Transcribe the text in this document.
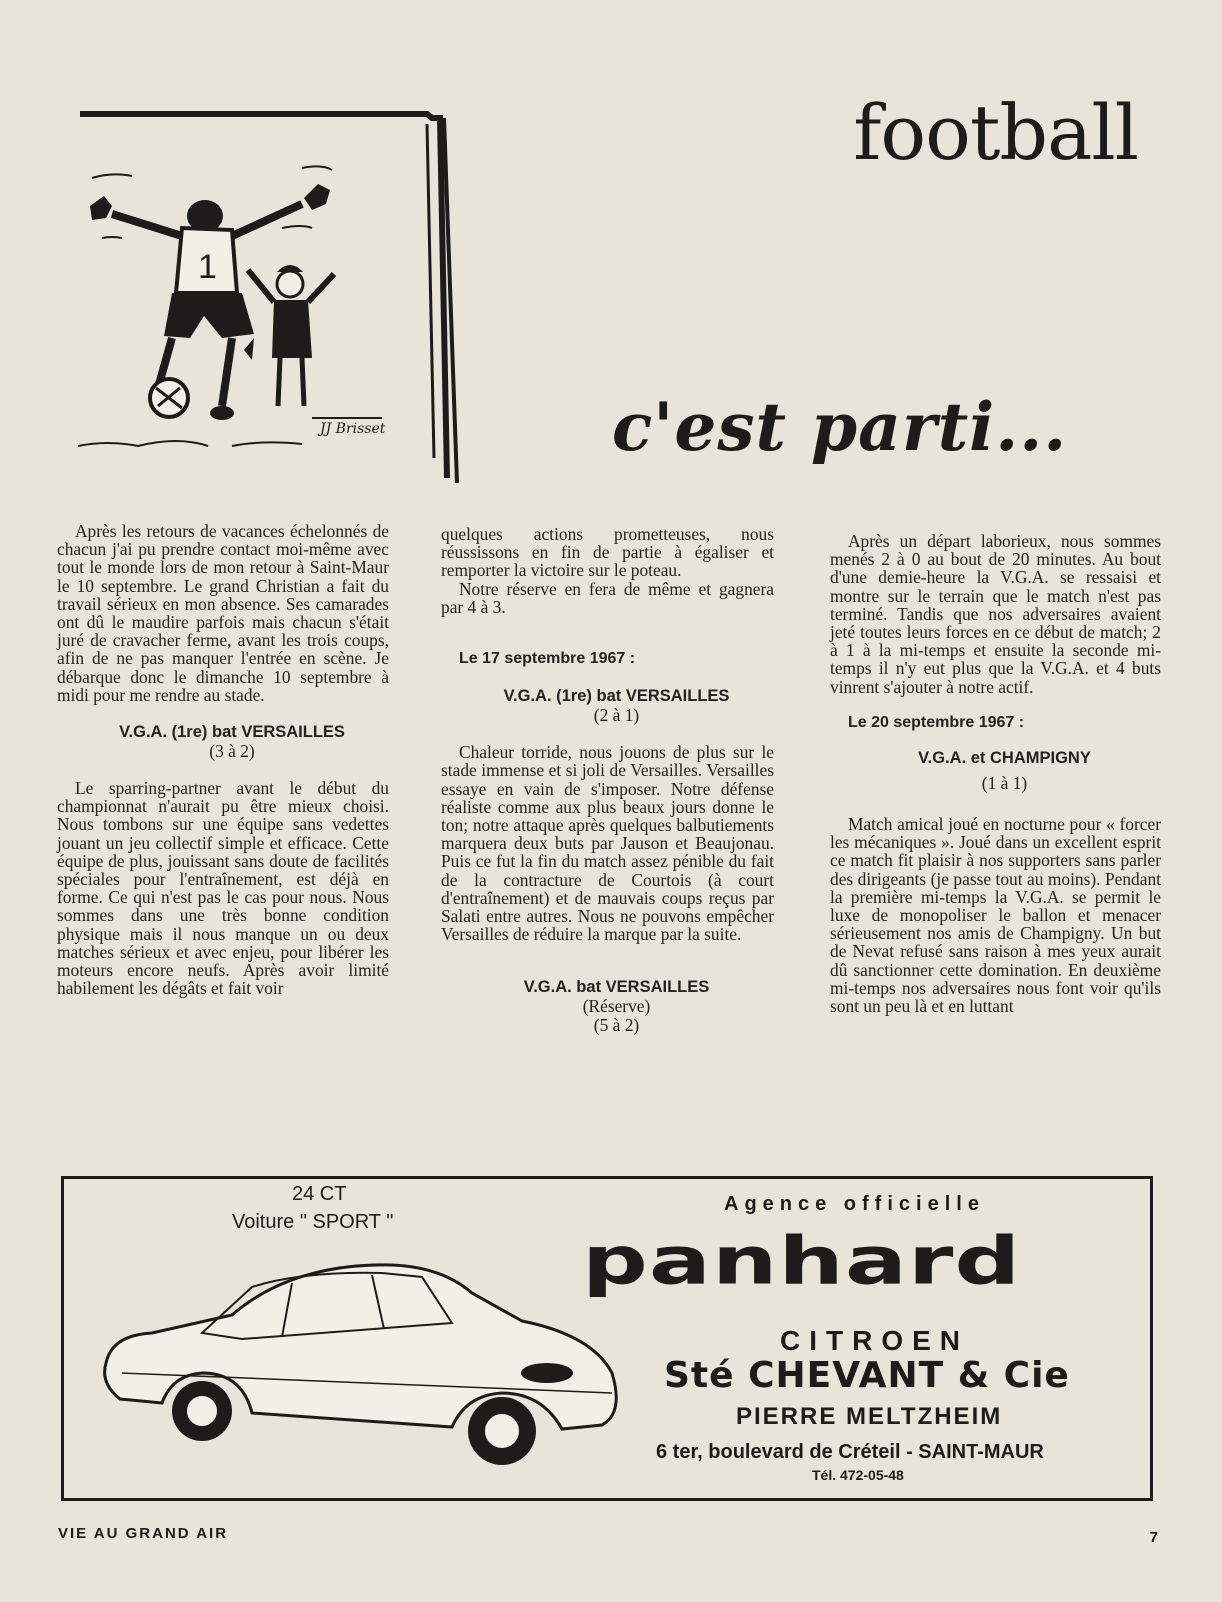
1
JJ Brisset
football
c'est parti...

Après les retours de vacances échelonnés de chacun j'ai pu prendre contact moi-même avec tout le monde lors de mon retour à Saint-Maur le 10 septembre. Le grand Christian a fait du travail sérieux en mon absence. Ses camarades ont dû le maudire parfois mais chacun s'était juré de cravacher ferme, avant les trois coups, afin de ne pas manquer l'entrée en scène. Je débarque donc le dimanche 10 septembre à midi pour me rendre au stade.

V.G.A. (1re) bat VERSAILLES

(3 à 2)

Le sparring-partner avant le début du championnat n'aurait pu être mieux choisi. Nous tombons sur une équipe sans vedettes jouant un jeu collectif simple et efficace. Cette équipe de plus, jouissant sans doute de facilités spéciales pour l'entraînement, est déjà en forme. Ce qui n'est pas le cas pour nous. Nous sommes dans une très bonne condition physique mais il nous manque un ou deux matches sérieux et avec enjeu, pour libérer les moteurs encore neufs. Après avoir limité habilement les dégâts et fait voir

quelques actions prometteuses, nous réussissons en fin de partie à égaliser et remporter la victoire sur le poteau.

Notre réserve en fera de même et gagnera par 4 à 3.

Le 17 septembre 1967 :

V.G.A. (1re) bat VERSAILLES

(2 à 1)

Chaleur torride, nous jouons de plus sur le stade immense et si joli de Versailles. Versailles essaye en vain de s'imposer. Notre défense réaliste comme aux plus beaux jours donne le ton; notre attaque après quelques balbutiements marquera deux buts par Jauson et Beaujonau. Puis ce fut la fin du match assez pénible du fait de la contracture de Courtois (à court d'entraînement) et de mauvais coups reçus par Salati entre autres. Nous ne pouvons empêcher Versailles de réduire la marque par la suite.

V.G.A. bat VERSAILLES

(Réserve)

(5 à 2)

Après un départ laborieux, nous sommes menés 2 à 0 au bout de 20 minutes. Au bout d'une demie-heure la V.G.A. se ressaisi et montre sur le terrain que le match n'est pas terminé. Tandis que nos adversaires avaient jeté toutes leurs forces en ce début de match; 2 à 1 à la mi-temps et ensuite la seconde mi-temps il n'y eut plus que la V.G.A. et 4 buts vinrent s'ajouter à notre actif.

Le 20 septembre 1967 :

V.G.A. et CHAMPIGNY

(1 à 1)

Match amical joué en nocturne pour « forcer les mécaniques ». Joué dans un excellent esprit ce match fit plaisir à nos supporters sans parler des dirigeants (je passe tout au moins). Pendant la première mi-temps la V.G.A. se permit le luxe de monopoliser le ballon et menacer sérieusement nos amis de Champigny. Un but de Nevat refusé sans raison à mes yeux aurait dû sanctionner cette domination. En deuxième mi-temps nos adversaires nous font voir qu'ils sont un peu là et en luttant

24 CT
Voiture " SPORT "
Agence officielle
panhard
CITROEN
Sté CHEVANT & Cie
PIERRE MELTZHEIM
6 ter, boulevard de Créteil - SAINT-MAUR
Tél. 472-05-48
VIE AU GRAND AIR	7
